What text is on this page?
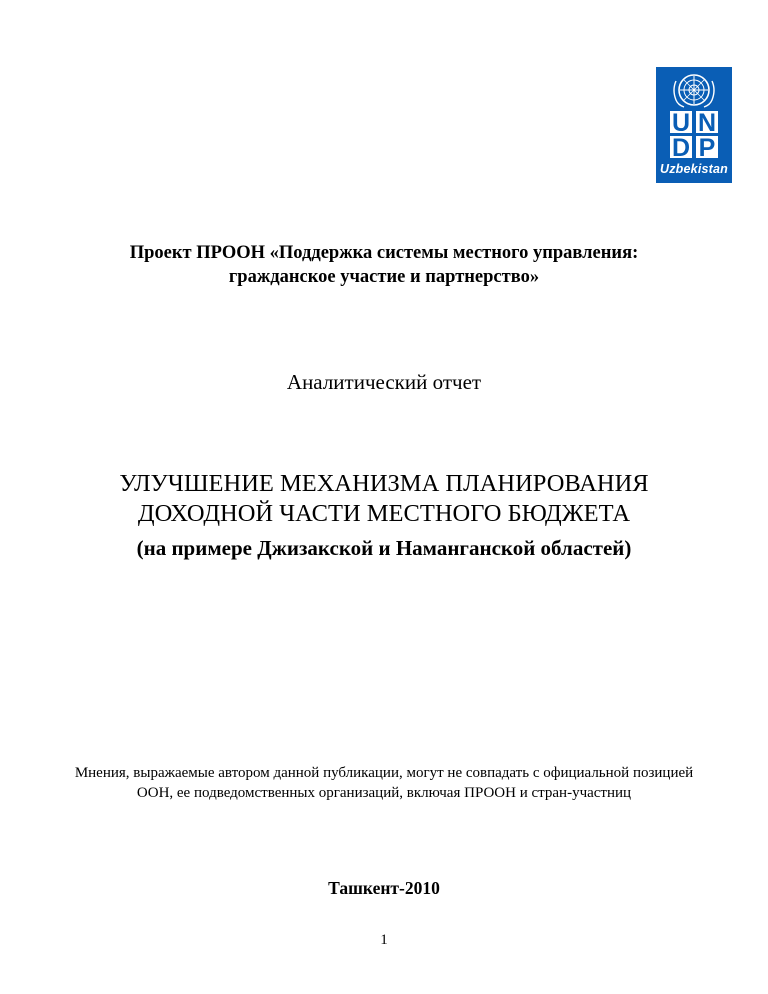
U N
D P
Uzbekistan
Проект ПРООН «Поддержка системы местного управления:
гражданское участие и партнерство»
Аналитический отчет
УЛУЧШЕНИЕ МЕХАНИЗМА ПЛАНИРОВАНИЯ
ДОХОДНОЙ ЧАСТИ МЕСТНОГО БЮДЖЕТА
(на примере Джизакской и Наманганской областей)
Мнения, выражаемые автором данной публикации, могут не совпадать с официальной позицией
ООН, ее подведомственных организаций, включая ПРООН и стран-участниц
Ташкент-2010
1
